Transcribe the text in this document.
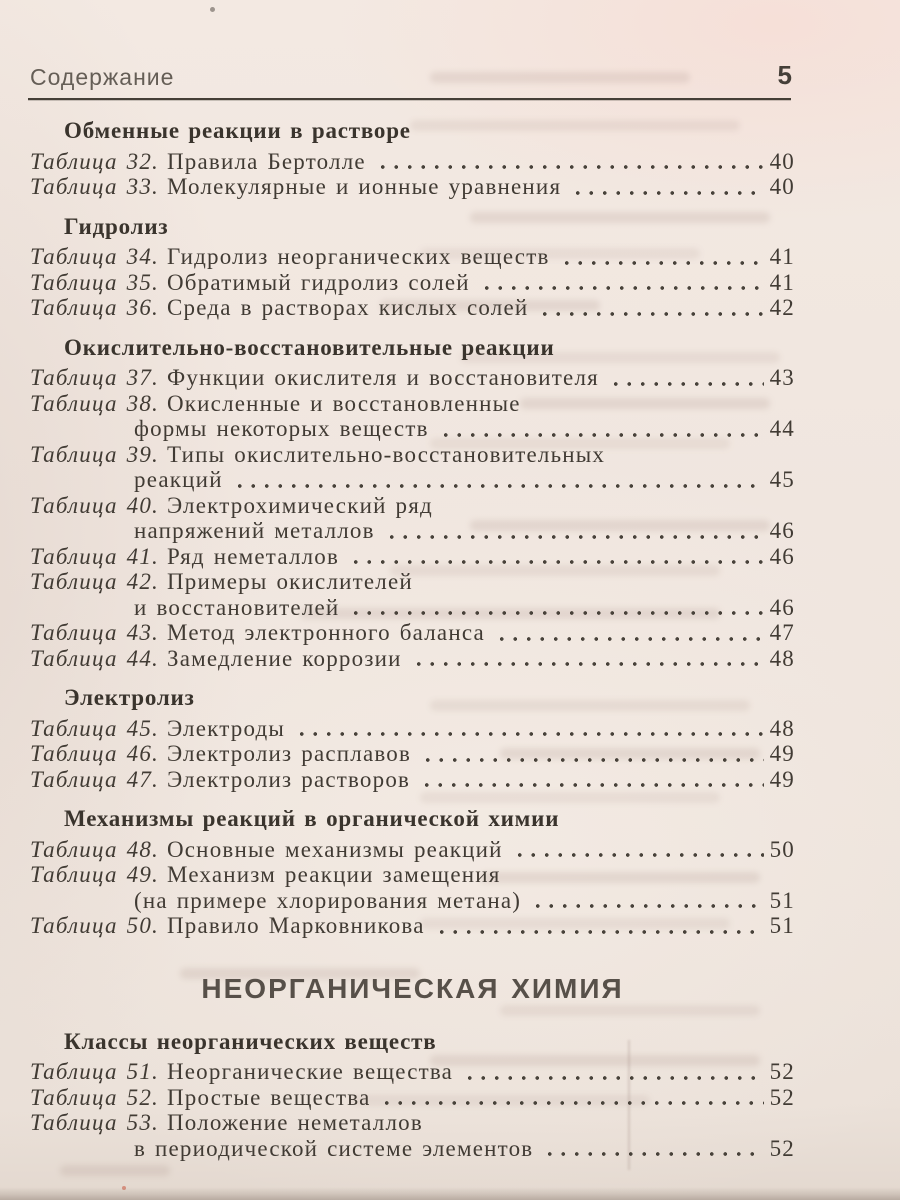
Содержание	5
Обменные реакции в растворе
Таблица 32. Правила Бертолле	40
Таблица 33. Молекулярные и ионные уравнения	40
Гидролиз
Таблица 34. Гидролиз неорганических веществ	41
Таблица 35. Обратимый гидролиз солей	41
Таблица 36. Среда в растворах кислых солей	42
Окислительно-восстановительные реакции
Таблица 37. Функции окислителя и восстановителя	43
Таблица 38. Окисленные и восстановленные
формы некоторых веществ	44
Таблица 39. Типы окислительно-восстановительных
реакций	45
Таблица 40. Электрохимический ряд
напряжений металлов	46
Таблица 41. Ряд неметаллов	46
Таблица 42. Примеры окислителей
и восстановителей	46
Таблица 43. Метод электронного баланса	47
Таблица 44. Замедление коррозии	48
Электролиз
Таблица 45. Электроды	48
Таблица 46. Электролиз расплавов	49
Таблица 47. Электролиз растворов	49
Механизмы реакций в органической химии
Таблица 48. Основные механизмы реакций	50
Таблица 49. Механизм реакции замещения
(на примере хлорирования метана)	51
Таблица 50. Правило Марковникова	51
НЕОРГАНИЧЕСКАЯ ХИМИЯ
Классы неорганических веществ
Таблица 51. Неорганические вещества	52
Таблица 52. Простые вещества	52
Таблица 53. Положение неметаллов
в периодической системе элементов	52
